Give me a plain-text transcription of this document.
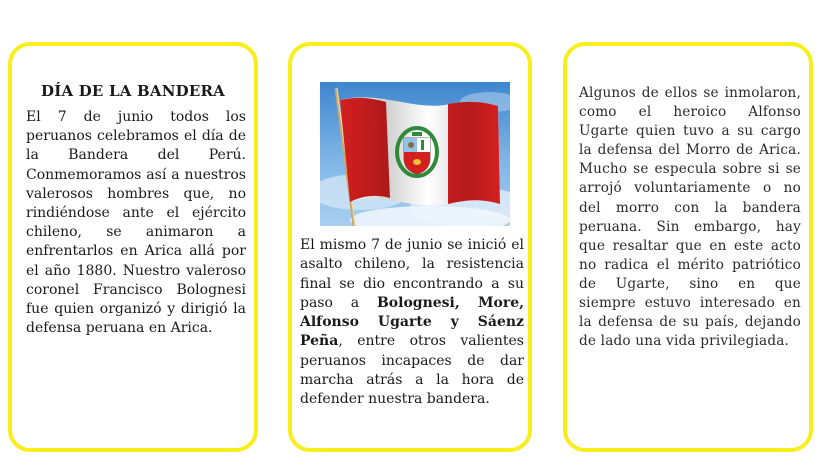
DÍA DE LA BANDERA
El 7 de junio todos los peruanos celebramos el día de la Bandera del Perú. Conmemoramos así a nuestros valerosos hombres que, no rindiéndose ante el ejército chileno, se animaron a enfrentarlos en Arica allá por el año 1880. Nuestro valeroso coronel Francisco Bolognesi fue quien organizó y dirigió la defensa peruana en Arica.
El mismo 7 de junio se inició el asalto chileno, la resistencia final se dio encontrando a su paso a Bolognesi, More, Alfonso Ugarte y Sáenz Peña, entre otros valientes peruanos incapaces de dar marcha atrás a la hora de defender nuestra bandera.
Algunos de ellos se inmolaron, como el heroico Alfonso Ugarte quien tuvo a su cargo la defensa del Morro de Arica. Mucho se especula sobre si se arrojó voluntariamente o no del morro con la bandera peruana. Sin embargo, hay que resaltar que en este acto no radica el mérito patriótico de Ugarte, sino en que siempre estuvo interesado en la defensa de su país, dejando de lado una vida privilegiada.
